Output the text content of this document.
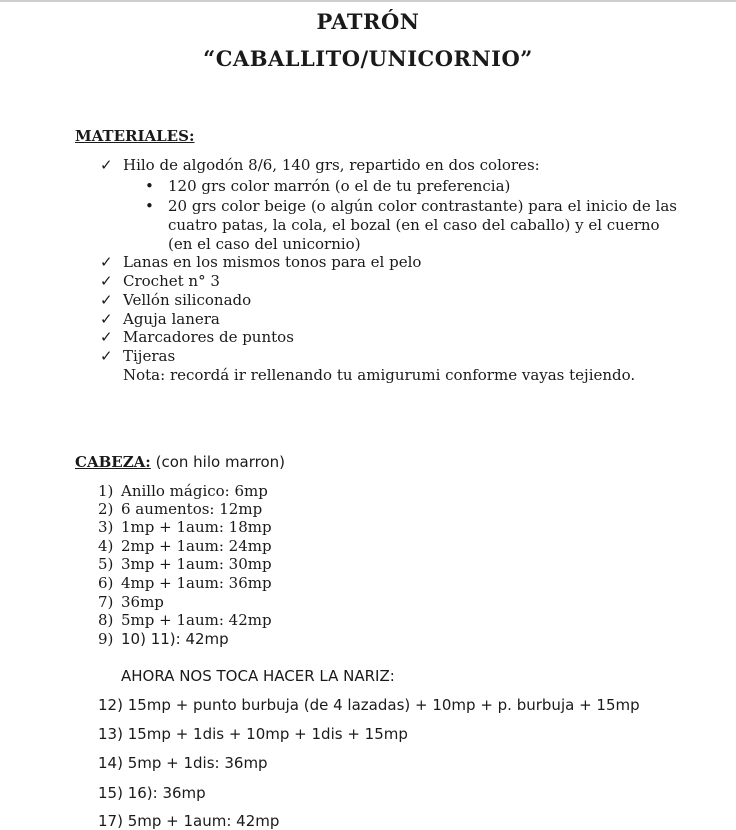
PATRÓN
“CABALLITO/UNICORNIO”
MATERIALES:
✓ Hilo de algodón 8/6, 140 grs, repartido en dos colores:
• 120 grs color marrón (o el de tu preferencia)
• 20 grs color beige (o algún color contrastante) para el inicio de las
cuatro patas, la cola, el bozal (en el caso del caballo) y el cuerno
(en el caso del unicornio)
✓ Lanas en los mismos tonos para el pelo
✓ Crochet n° 3
✓ Vellón siliconado
✓ Aguja lanera
✓ Marcadores de puntos
✓ Tijeras
Nota: recordá ir rellenando tu amigurumi conforme vayas tejiendo.
CABEZA: (con hilo marron)
1) Anillo mágico: 6mp
2) 6 aumentos: 12mp
3) 1mp + 1aum: 18mp
4) 2mp + 1aum: 24mp
5) 3mp + 1aum: 30mp
6) 4mp + 1aum: 36mp
7) 36mp
8) 5mp + 1aum: 42mp
9) 10) 11): 42mp
AHORA NOS TOCA HACER LA NARIZ:
12) 15mp + punto burbuja (de 4 lazadas) + 10mp + p. burbuja + 15mp
13) 15mp + 1dis + 10mp + 1dis + 15mp
14) 5mp + 1dis: 36mp
15) 16): 36mp
17) 5mp + 1aum: 42mp
